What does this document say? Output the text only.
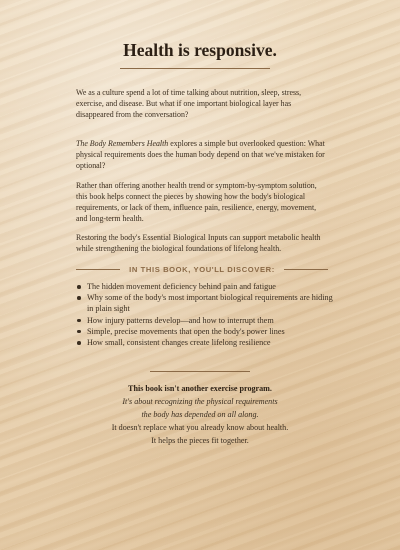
Health is responsive.

We as a culture spend a lot of time talking about nutrition, sleep, stress, exercise, and disease. But what if one important biological layer has disappeared from the conversation?

The Body Remembers Health explores a simple but overlooked question: What physical requirements does the human body depend on that we've mistaken for optional?

Rather than offering another health trend or symptom-by-symptom solution, this book helps connect the pieces by showing how the body's biological requirements, or lack of them, influence pain, resilience, energy, movement, and long-term health.

Restoring the body's Essential Biological Inputs can support metabolic health while strengthening the biological foundations of lifelong health.

IN THIS BOOK, YOU'LL DISCOVER:
The hidden movement deficiency behind pain and fatigue
Why some of the body's most important biological requirements are hiding in plain sight
How injury patterns develop—and how to interrupt them
Simple, precise movements that open the body's power lines
How small, consistent changes create lifelong resilience
This book isn't another exercise program.
It's about recognizing the physical requirements
the body has depended on all along.
It doesn't replace what you already know about health.
It helps the pieces fit together.
